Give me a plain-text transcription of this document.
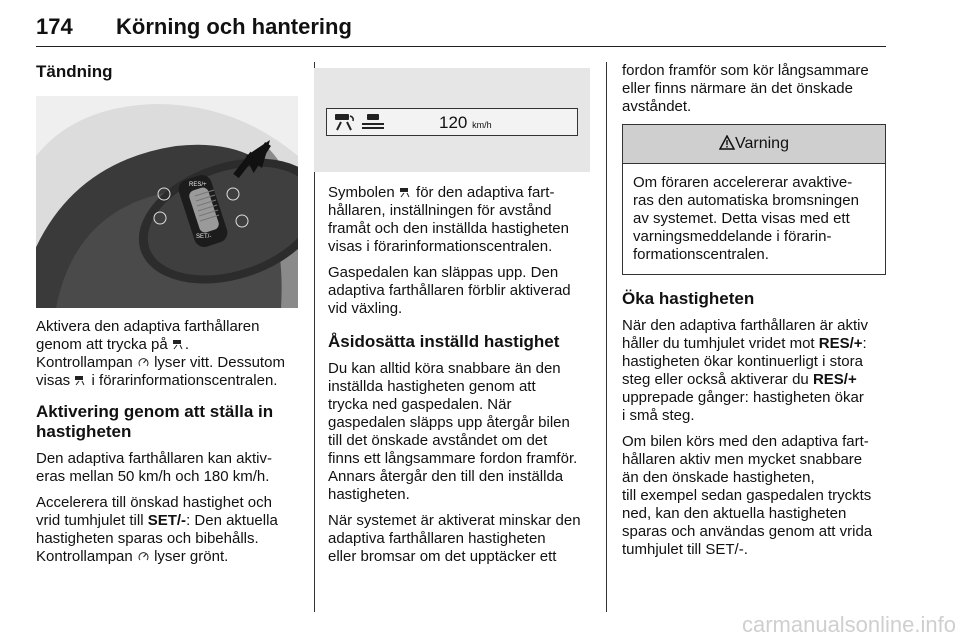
174 Körning och hantering
Tändning
RES/+
SET/-

Aktivera den adaptiva farthållaren
genom att trycka på .
Kontrollampan lyser vitt. Dessutom
visas i förarinformationscentralen.

Aktivering genom att ställa in
hastigheten

Den adaptiva farthållaren kan aktiv-
eras mellan 50 km/h och 180 km/h.

Accelerera till önskad hastighet och
vrid tumhjulet till SET/-: Den aktuella
hastigheten sparas och bibehålls.
Kontrollampan lyser grönt.

120 km/h

Symbolen för den adaptiva fart-
hållaren, inställningen för avstånd
framåt och den inställda hastigheten
visas i förarinformationscentralen.

Gaspedalen kan släppas upp. Den
adaptiva farthållaren förblir aktiverad
vid växling.

Åsidosätta inställd hastighet

Du kan alltid köra snabbare än den
inställda hastigheten genom att
trycka ned gaspedalen. När
gaspedalen släpps upp återgår bilen
till det önskade avståndet om det
finns ett långsammare fordon framför.
Annars återgår den till den inställda
hastigheten.

När systemet är aktiverat minskar den
adaptiva farthållaren hastigheten
eller bromsar om det upptäcker ett

fordon framför som kör långsammare
eller finns närmare än det önskade
avståndet.

Varning
Om föraren accelererar avaktive-
ras den automatiska bromsningen
av systemet. Detta visas med ett
varningsmeddelande i förarin-
formationscentralen.
Öka hastigheten

När den adaptiva farthållaren är aktiv
håller du tumhjulet vridet mot RES/+:
hastigheten ökar kontinuerligt i stora
steg eller också aktiverar du RES/+
upprepade gånger: hastigheten ökar
i små steg.

Om bilen körs med den adaptiva fart-
hållaren aktiv men mycket snabbare
än den önskade hastigheten,
till exempel sedan gaspedalen tryckts
ned, kan den aktuella hastigheten
sparas och användas genom att vrida
tumhjulet till SET/-.

carmanualsonline.info
